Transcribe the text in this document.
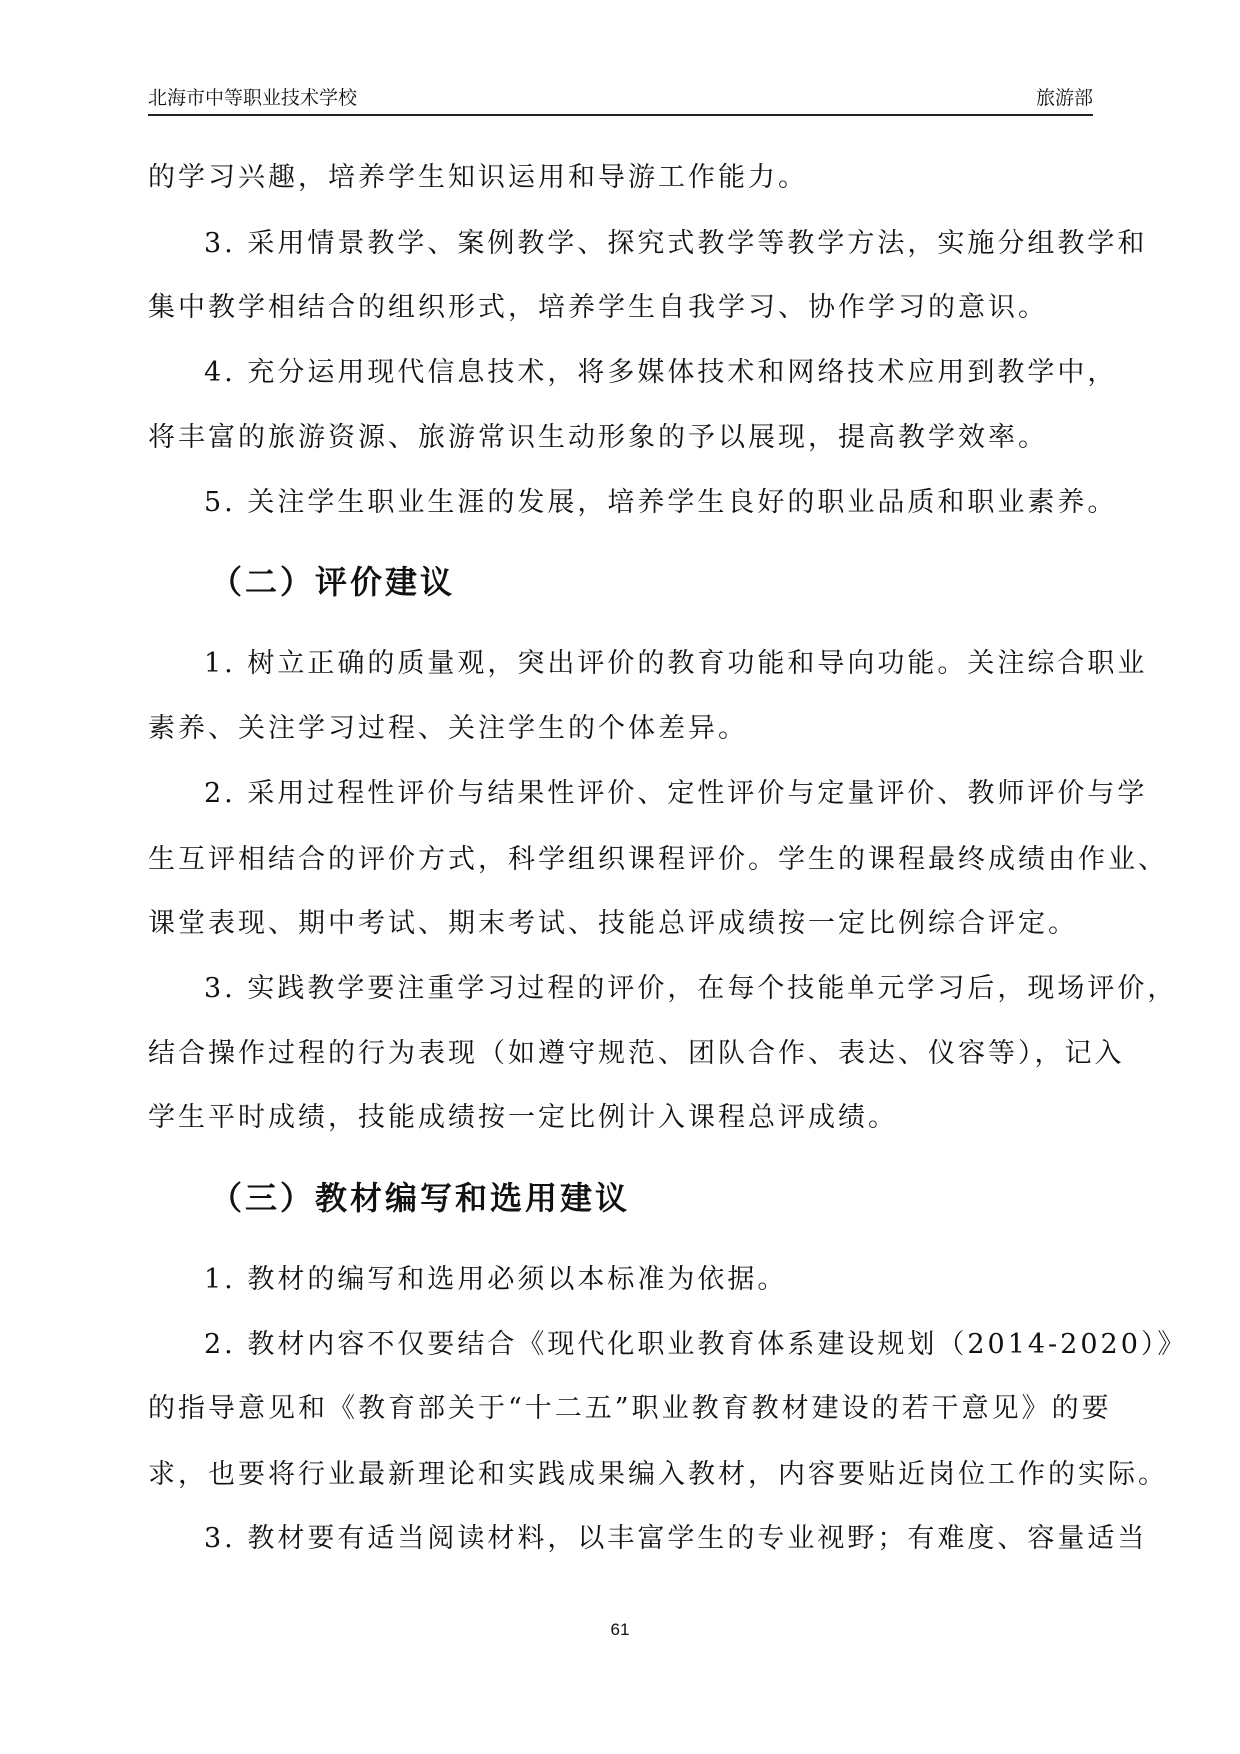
北海市中等职业技术学校	旅游部
的学习兴趣，培养学生知识运用和导游工作能力。
3. 采用情景教学、案例教学、探究式教学等教学方法，实施分组教学和
集中教学相结合的组织形式，培养学生自我学习、协作学习的意识。
4. 充分运用现代信息技术，将多媒体技术和网络技术应用到教学中，
将丰富的旅游资源、旅游常识生动形象的予以展现，提高教学效率。
5. 关注学生职业生涯的发展，培养学生良好的职业品质和职业素养。
（二）评价建议
1. 树立正确的质量观，突出评价的教育功能和导向功能。关注综合职业
素养、关注学习过程、关注学生的个体差异。
2. 采用过程性评价与结果性评价、定性评价与定量评价、教师评价与学
生互评相结合的评价方式，科学组织课程评价。学生的课程最终成绩由作业、
课堂表现、期中考试、期末考试、技能总评成绩按一定比例综合评定。
3. 实践教学要注重学习过程的评价，在每个技能单元学习后，现场评价，
结合操作过程的行为表现（如遵守规范、团队合作、表达、仪容等），记入
学生平时成绩，技能成绩按一定比例计入课程总评成绩。
（三）教材编写和选用建议
1. 教材的编写和选用必须以本标准为依据。
2. 教材内容不仅要结合《现代化职业教育体系建设规划（2014-2020）》
的指导意见和《教育部关于“十二五”职业教育教材建设的若干意见》的要
求，也要将行业最新理论和实践成果编入教材，内容要贴近岗位工作的实际。
3. 教材要有适当阅读材料，以丰富学生的专业视野；有难度、容量适当
61
